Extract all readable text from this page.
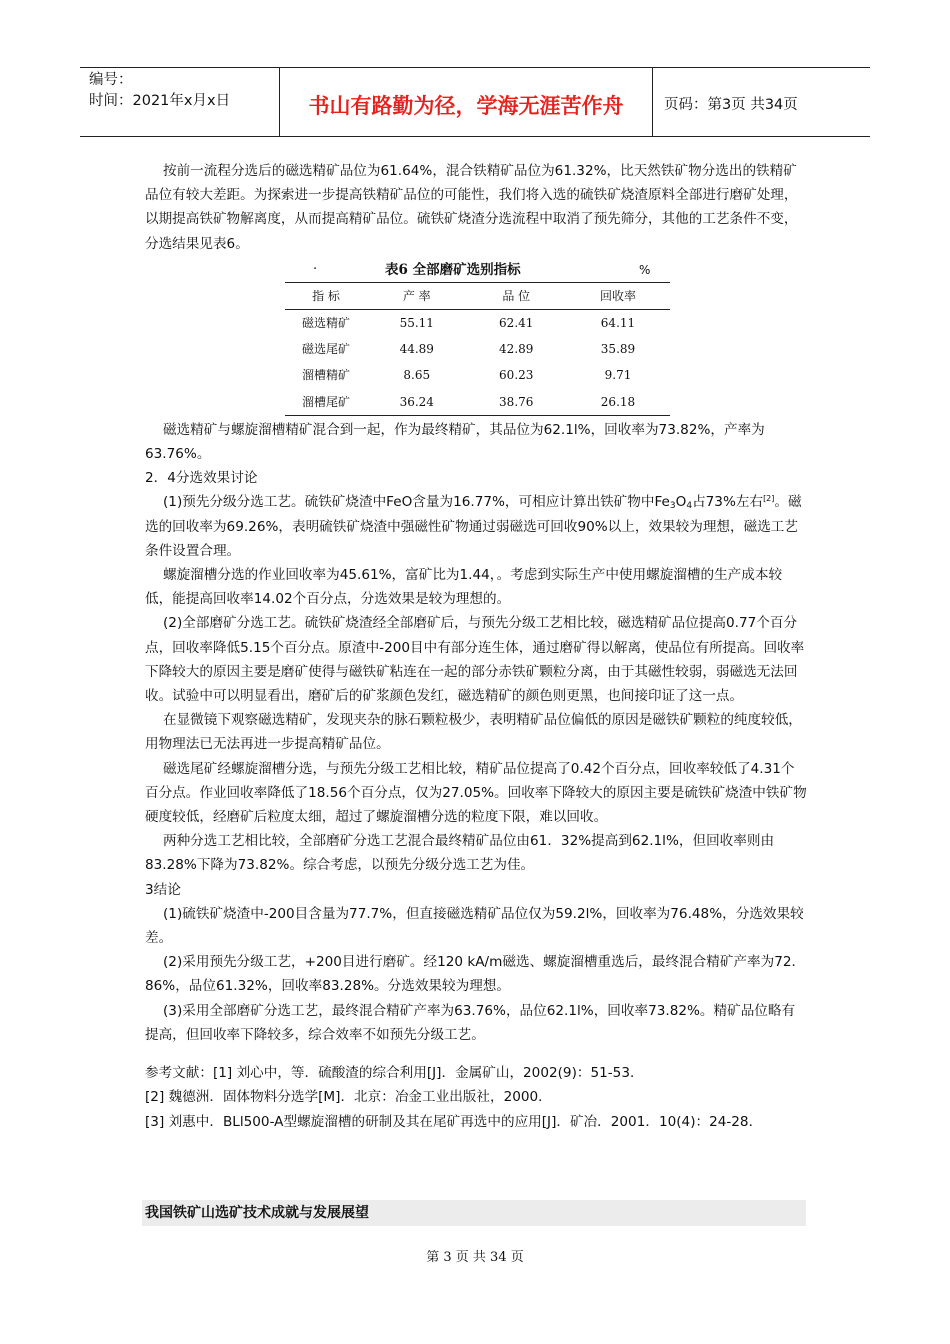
编号：
时间：2021年x月x日	书山有路勤为径，学海无涯苦作舟	页码：第3页 共34页

按前一流程分选后的磁选精矿品位为61.64%，混合铁精矿品位为61.32%，比天然铁矿物分选出的铁精矿品位有较大差距。为探索进一步提高铁精矿品位的可能性，我们将入选的硫铁矿烧渣原料全部进行磨矿处理，以期提高铁矿物解离度，从而提高精矿品位。硫铁矿烧渣分选流程中取消了预先筛分，其他的工艺条件不变，分选结果见表6。

·	表6 全部磨矿选别指标	%
指 标	产 率	品 位	回收率
磁选精矿	55.11	62.41	64.11
磁选尾矿	44.89	42.89	35.89
溜槽精矿	8.65	60.23	9.71
溜槽尾矿	36.24	38.76	26.18

磁选精矿与螺旋溜槽精矿混合到一起，作为最终精矿，其品位为62.1l%，回收率为73.82%，产率为63.76%。

2．4分选效果讨论

(1)预先分级分选工艺。硫铁矿烧渣中FeO含量为16.77%，可相应计算出铁矿物中$Fe_3O_4$占73%左右[2]。磁选的回收率为69.26%，表明硫铁矿烧渣中强磁性矿物通过弱磁选可回收90%以上，效果较为理想，磁选工艺条件设置合理。

螺旋溜槽分选的作业回收率为45.61%，富矿比为1.44，。考虑到实际生产中使用螺旋溜槽的生产成本较低，能提高回收率14.02个百分点，分选效果是较为理想的。

(2)全部磨矿分选工艺。硫铁矿烧渣经全部磨矿后，与预先分级工艺相比较，磁选精矿品位提高0.77个百分点，回收率降低5.15个百分点。原渣中-200目中有部分连生体，通过磨矿得以解离，使品位有所提高。回收率下降较大的原因主要是磨矿使得与磁铁矿粘连在一起的部分赤铁矿颗粒分离，由于其磁性较弱，弱磁选无法回收。试验中可以明显看出，磨矿后的矿浆颜色发红，磁选精矿的颜色则更黑，也间接印证了这一点。

在显微镜下观察磁选精矿，发现夹杂的脉石颗粒极少，表明精矿品位偏低的原因是磁铁矿颗粒的纯度较低，用物理法已无法再进一步提高精矿品位。

磁选尾矿经螺旋溜槽分选，与预先分级工艺相比较，精矿品位提高了0.42个百分点，回收率较低了4.31个百分点。作业回收率降低了18.56个百分点，仅为27.05%。回收率下降较大的原因主要是硫铁矿烧渣中铁矿物硬度较低，经磨矿后粒度太细，超过了螺旋溜槽分选的粒度下限，难以回收。

两种分选工艺相比较，全部磨矿分选工艺混合最终精矿品位由61．32%提高到62.1l%，但回收率则由83.28%下降为73.82%。综合考虑，以预先分级分选工艺为佳。

3结论

(1)硫铁矿烧渣中-200目含量为77.7%，但直接磁选精矿品位仅为59.2l%，回收率为76.48%，分选效果较差。

(2)采用预先分级工艺，+200目进行磨矿。经120 kA/m磁选、螺旋溜槽重选后，最终混合精矿产率为72．86%，品位61.32%，回收率83.28%。分选效果较为理想。

(3)采用全部磨矿分选工艺，最终混合精矿产率为63.76%，品位62.1l%，回收率73.82%。精矿品位略有提高，但回收率下降较多，综合效率不如预先分级工艺。

参考文献：[1] 刘心中，等．硫酸渣的综合利用[J]．金属矿山，2002(9)：51-53．

[2] 魏德洲．固体物料分选学[M]．北京：冶金工业出版社，2000．

[3] 刘惠中．BLl500-A型螺旋溜槽的研制及其在尾矿再选中的应用[J]．矿冶．2001．10(4)：24-28．

我国铁矿山选矿技术成就与发展展望
第 3 页 共 34 页
